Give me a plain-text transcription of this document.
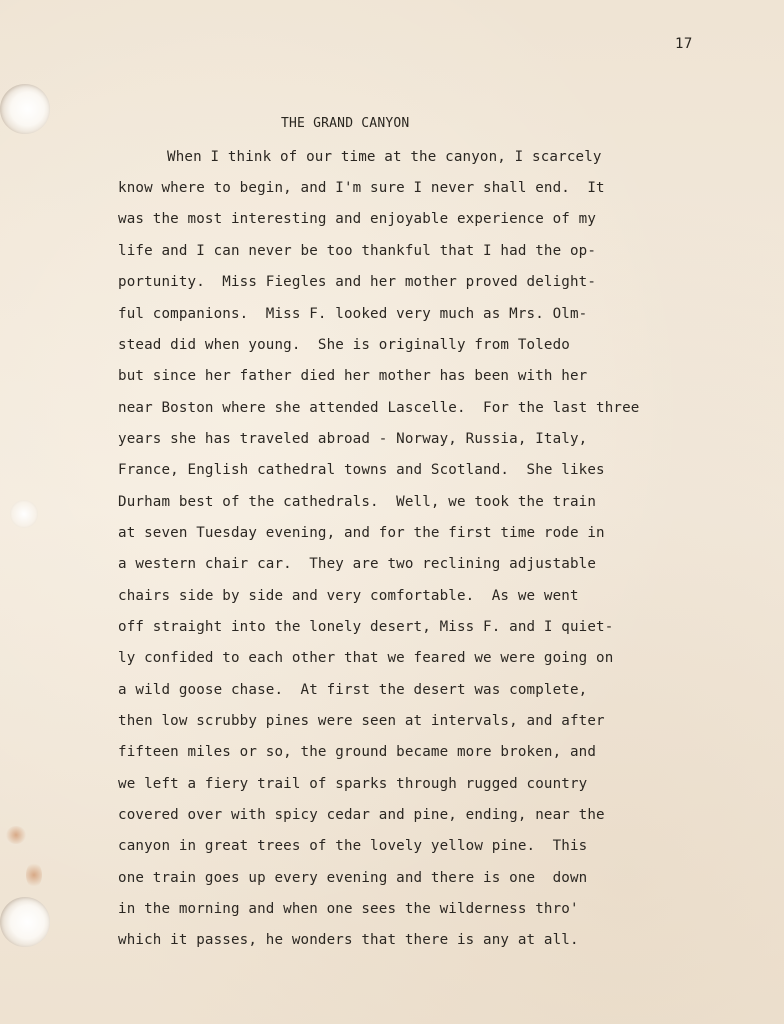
17
THE GRAND CANYON
When I think of our time at the canyon, I scarcely
know where to begin, and I'm sure I never shall end.  It
was the most interesting and enjoyable experience of my
life and I can never be too thankful that I had the op-
portunity.  Miss Fiegles and her mother proved delight-
ful companions.  Miss F. looked very much as Mrs. Olm-
stead did when young.  She is originally from Toledo
but since her father died her mother has been with her
near Boston where she attended Lascelle.  For the last three
years she has traveled abroad - Norway, Russia, Italy,
France, English cathedral towns and Scotland.  She likes
Durham best of the cathedrals.  Well, we took the train
at seven Tuesday evening, and for the first time rode in
a western chair car.  They are two reclining adjustable
chairs side by side and very comfortable.  As we went
off straight into the lonely desert, Miss F. and I quiet-
ly confided to each other that we feared we were going on
a wild goose chase.  At first the desert was complete,
then low scrubby pines were seen at intervals, and after
fifteen miles or so, the ground became more broken, and
we left a fiery trail of sparks through rugged country
covered over with spicy cedar and pine, ending, near the
canyon in great trees of the lovely yellow pine.  This
one train goes up every evening and there is one  down
in the morning and when one sees the wilderness thro'
which it passes, he wonders that there is any at all.
